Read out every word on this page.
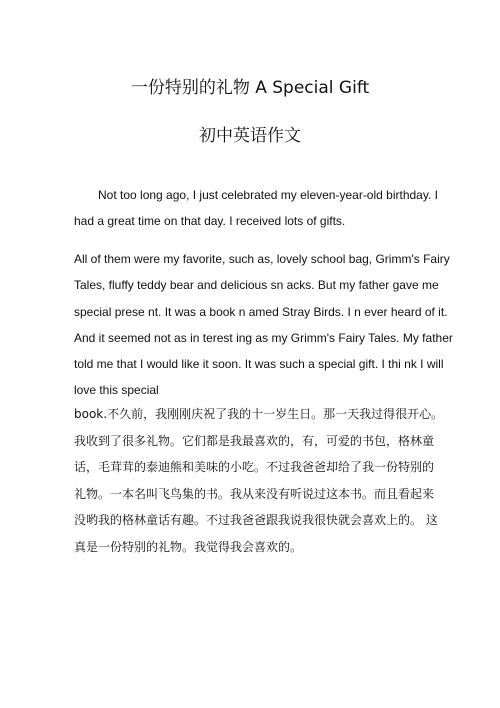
一份特别的礼物 A Special Gift
初中英语作文
Not too long ago, I just celebrated my eleven-year-old birthday. I
had a great time on that day. I received lots of gifts.
All of them were my favorite, such as, lovely school bag, Grimm's Fairy
Tales, fluffy teddy bear and delicious sn acks. But my father gave me
special prese nt. It was a book n amed Stray Birds. I n ever heard of it.
And it seemed not as in terest ing as my Grimm's Fairy Tales. My father
told me that I would like it soon. It was such a special gift. I thi nk I will
love this special
book.不久前，我刚刚庆祝了我的十一岁生日。那一天我过得很开心。
我收到了很多礼物。它们都是我最喜欢的，有，可爱的书包，格林童
话，毛茸茸的泰迪熊和美味的小吃。不过我爸爸却给了我一份特别的
礼物。一本名叫飞鸟集的书。我从来没有听说过这本书。而且看起来
没哟我的格林童话有趣。不过我爸爸跟我说我很快就会喜欢上的。 这
真是一份特别的礼物。我觉得我会喜欢的。
